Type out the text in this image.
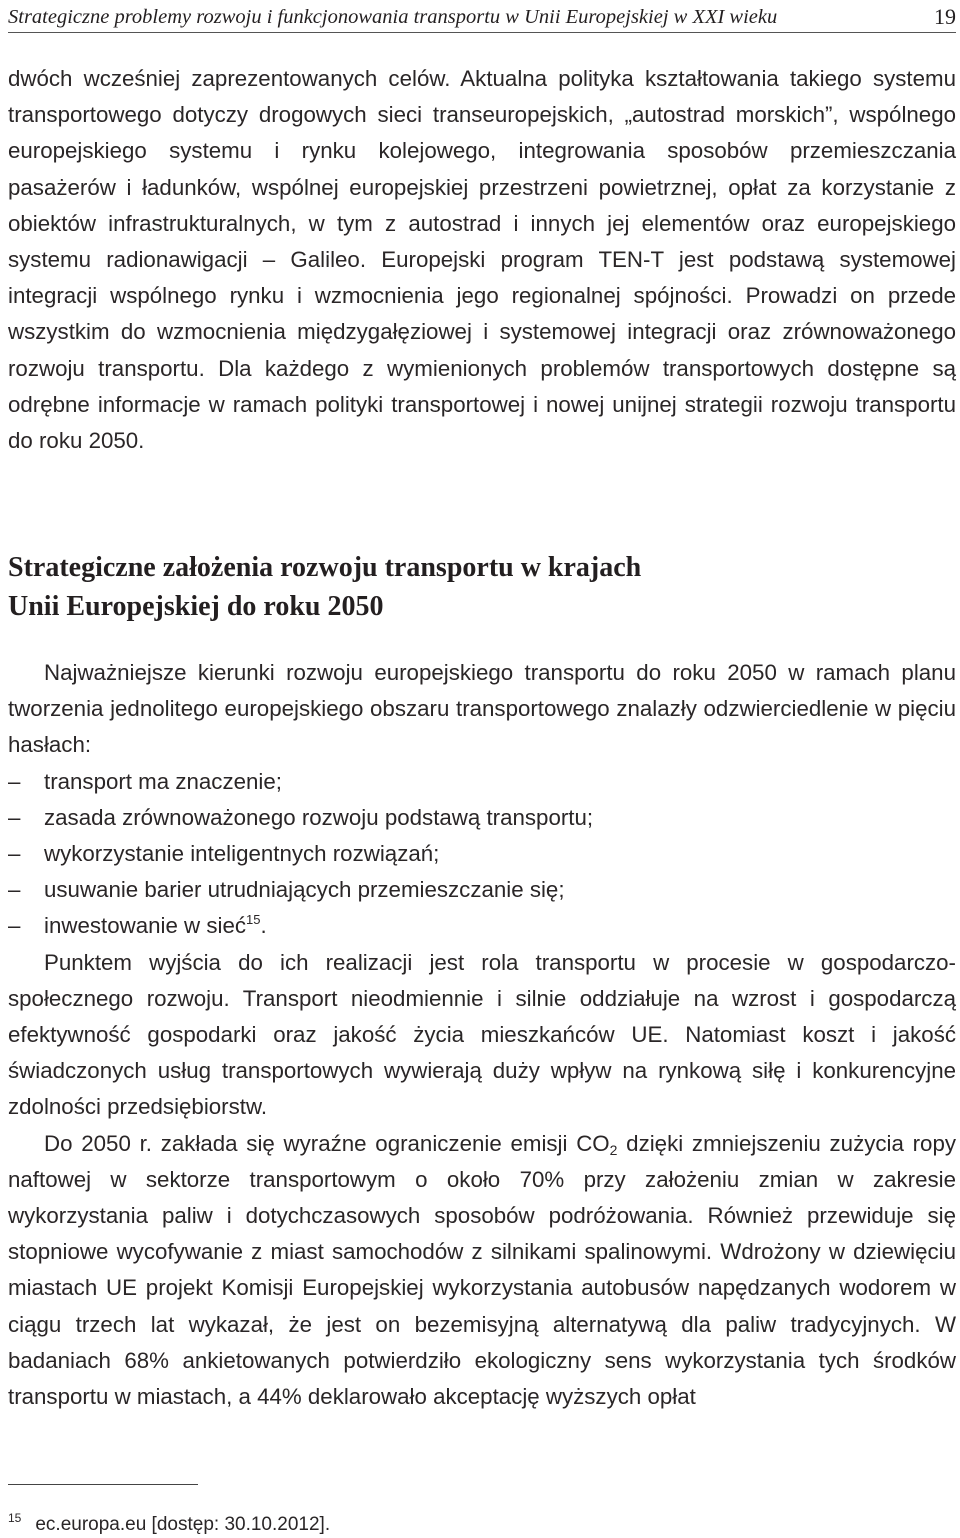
Strategiczne problemy rozwoju i funkcjonowania transportu w Unii Europejskiej w XXI wieku	19
dwóch wcześniej zaprezentowanych celów. Aktualna polityka kształtowania takiego systemu transportowego dotyczy drogowych sieci transeuropejskich, „autostrad morskich”, wspólnego europejskiego systemu i rynku kolejowego, integrowania sposobów przemieszczania pasażerów i ładunków, wspólnej europejskiej przestrzeni powietrznej, opłat za korzystanie z obiektów infrastrukturalnych, w tym z autostrad i innych jej elementów oraz europejskiego systemu radionawigacji – Galileo. Europejski program TEN-T jest podstawą systemowej integracji wspólnego rynku i wzmocnienia jego regionalnej spójności. Prowadzi on przede wszystkim do wzmocnienia międzygałęziowej i systemowej integracji oraz zrównoważonego rozwoju transportu. Dla każdego z wymienionych problemów transportowych dostępne są odrębne informacje w ramach polityki transportowej i nowej unijnej strategii rozwoju transportu do roku 2050.
Strategiczne założenia rozwoju transportu w krajach
Unii Europejskiej do roku 2050

Najważniejsze kierunki rozwoju europejskiego transportu do roku 2050 w ramach planu tworzenia jednolitego europejskiego obszaru transportowego znalazły odzwierciedlenie w pięciu hasłach:

– transport ma znaczenie;
– zasada zrównoważonego rozwoju podstawą transportu;
– wykorzystanie inteligentnych rozwiązań;
– usuwanie barier utrudniających przemieszczanie się;
– inwestowanie w sieć$^{15}$.

Punktem wyjścia do ich realizacji jest rola transportu w procesie w gospodarczo-społecznego rozwoju. Transport nieodmiennie i silnie oddziałuje na wzrost i gospodarczą efektywność gospodarki oraz jakość życia mieszkańców UE. Natomiast koszt i jakość świadczonych usług transportowych wywierają duży wpływ na rynkową siłę i konkurencyjne zdolności przedsiębiorstw.

Do 2050 r. zakłada się wyraźne ograniczenie emisji $CO_2$ dzięki zmniejszeniu zużycia ropy naftowej w sektorze transportowym o około 70% przy założeniu zmian w zakresie wykorzystania paliw i dotychczasowych sposobów podróżowania. Również przewiduje się stopniowe wycofywanie z miast samochodów z silnikami spalinowymi. Wdrożony w dziewięciu miastach UE projekt Komisji Europejskiej wykorzystania autobusów napędzanych wodorem w ciągu trzech lat wykazał, że jest on bezemisyjną alternatywą dla paliw tradycyjnych. W badaniach 68% ankietowanych potwierdziło ekologiczny sens wykorzystania tych środków transportu w miastach, a 44% deklarowało akceptację wyższych opłat

$^{15}$ ec.europa.eu [dostęp: 30.10.2012].
